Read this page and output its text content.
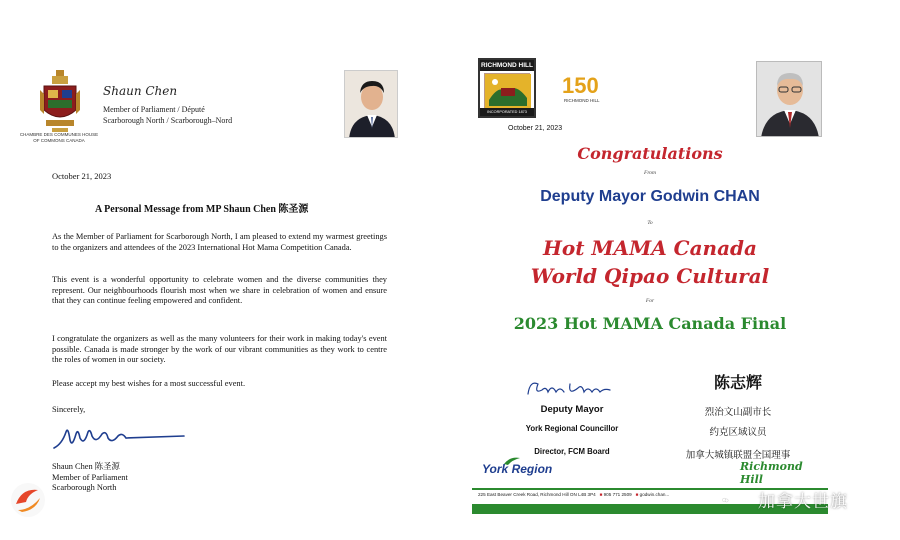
CHAMBRE DES COMMUNES HOUSE OF COMMONS CANADA
Shaun Chen
Member of Parliament / Député
Scarborough North / Scarborough–Nord
October 21, 2023
A Personal Message from MP Shaun Chen 陈圣源

As the Member of Parliament for Scarborough North, I am pleased to extend my warmest greetings to the organizers and attendees of the 2023 International Hot Mama Competition Canada.

This event is a wonderful opportunity to celebrate women and the diverse communities they represent. Our neighbourhoods flourish most when we share in celebration of women and ensure that they can continue feeling empowered and confident.

I congratulate the organizers as well as the many volunteers for their work in making today's event possible. Canada is made stronger by the work of our vibrant communities as they work to centre the roles of women in our society.

Please accept my best wishes for a most successful event.

Sincerely,
Shaun Chen 陈圣源
Member of Parliament
Scarborough North
RICHMOND HILL
INCORPORATED 1873
150
RICHMOND HILL
October 21, 2023
Congratulations
From
Deputy Mayor Godwin CHAN
To
Hot MAMA Canada
World Qipao Cultural
For
2023 Hot MAMA Canada Final
Deputy Mayor
York Regional Councillor
Director, FCM Board
陈志辉
烈治文山副市长
约克区域议员
加拿大城镇联盟全国理事
York Region	Richmond Hill
225 East Beaver Creek Road, Richmond Hill ON L4B 3P4 ■ 905 771 2509 ■ godwin.chan...	加拿大世旗
